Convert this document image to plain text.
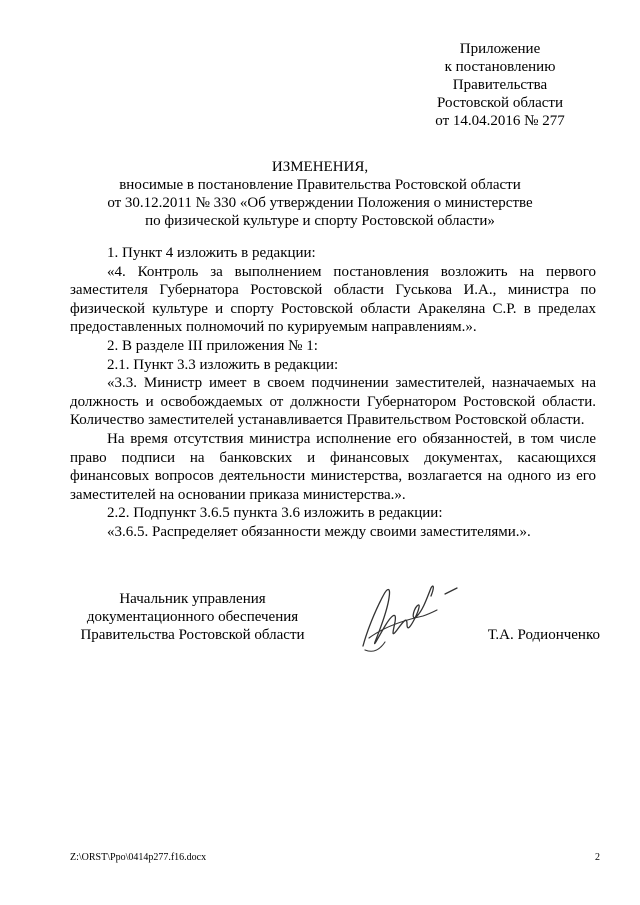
Приложение
к постановлению
Правительства
Ростовской области
от 14.04.2016 № 277
ИЗМЕНЕНИЯ,
вносимые в постановление Правительства Ростовской области
от 30.12.2011 № 330 «Об утверждении Положения о министерстве
по физической культуре и спорту Ростовской области»

1. Пункт 4 изложить в редакции:

«4. Контроль за выполнением постановления возложить на первого заместителя Губернатора Ростовской области Гуськова И.А., министра по физической культуре и спорту Ростовской области Аракеляна С.Р. в пределах предоставленных полномочий по курируемым направлениям.».

2. В разделе III приложения № 1:

2.1. Пункт 3.3 изложить в редакции:

«3.3. Министр имеет в своем подчинении заместителей, назначаемых на должность и освобождаемых от должности Губернатором Ростовской области. Количество заместителей устанавливается Правительством Ростовской области.

На время отсутствия министра исполнение его обязанностей, в том числе право подписи на банковских и финансовых документах, касающихся финансовых вопросов деятельности министерства, возлагается на одного из его заместителей на основании приказа министерства.».

2.2. Подпункт 3.6.5 пункта 3.6 изложить в редакции:

«3.6.5. Распределяет обязанности между своими заместителями.».

Начальник управления
документационного обеспечения
Правительства Ростовской области	Т.А. Родионченко
Z:\ORST\Ppo\0414p277.f16.docx	2
